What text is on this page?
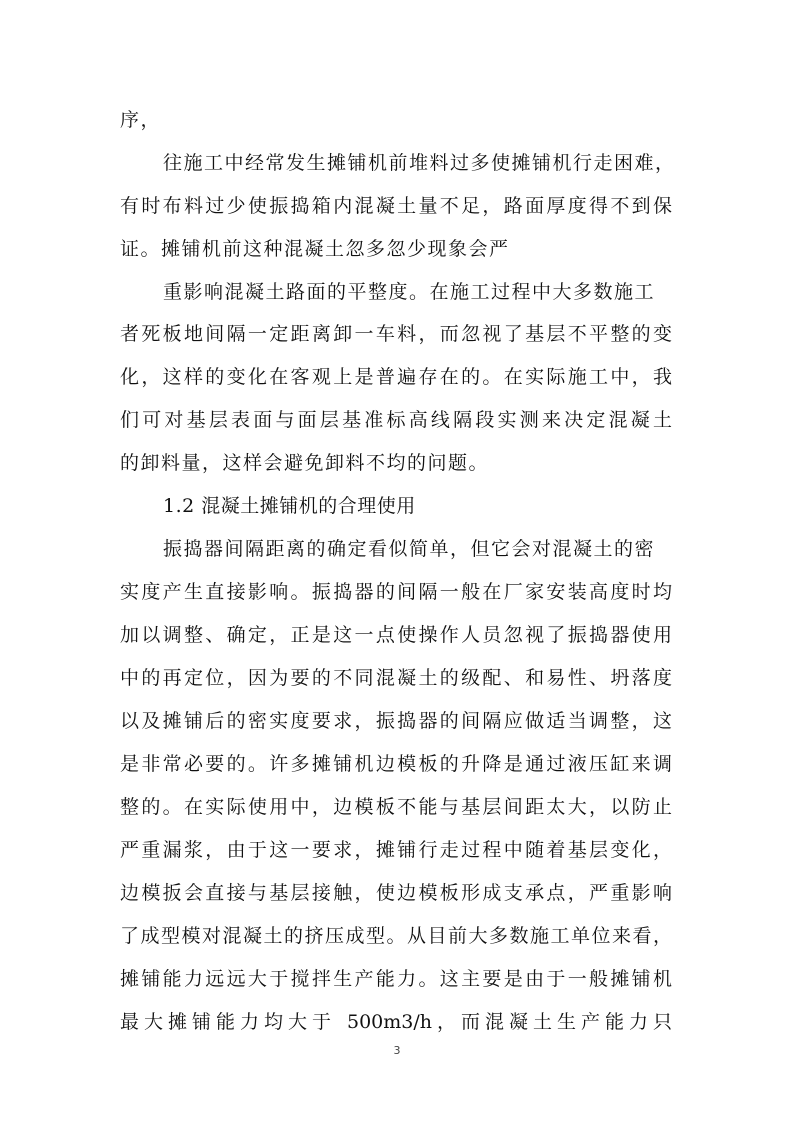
序，
往施工中经常发生摊铺机前堆料过多使摊铺机行走困难，
有时布料过少使振捣箱内混凝土量不足，路面厚度得不到保
证。摊铺机前这种混凝土忽多忽少现象会严
重影响混凝土路面的平整度。在施工过程中大多数施工
者死板地间隔一定距离卸一车料，而忽视了基层不平整的变
化，这样的变化在客观上是普遍存在的。在实际施工中，我
们可对基层表面与面层基准标高线隔段实测来决定混凝土
的卸料量，这样会避免卸料不均的问题。
1.2 混凝土摊铺机的合理使用
振捣器间隔距离的确定看似简单，但它会对混凝土的密
实度产生直接影响。振捣器的间隔一般在厂家安装高度时均
加以调整、确定，正是这一点使操作人员忽视了振捣器使用
中的再定位，因为要的不同混凝土的级配、和易性、坍落度
以及摊铺后的密实度要求，振捣器的间隔应做适当调整，这
是非常必要的。许多摊铺机边模板的升降是通过液压缸来调
整的。在实际使用中，边模板不能与基层间距太大，以防止
严重漏浆，由于这一要求，摊铺行走过程中随着基层变化，
边模扳会直接与基层接触，使边模板形成支承点，严重影响
了成型模对混凝土的挤压成型。从目前大多数施工单位来看，
摊铺能力远远大于搅拌生产能力。这主要是由于一般摊铺机
最大摊铺能力均大于 500m3/h，而混凝土生产能力只
3
